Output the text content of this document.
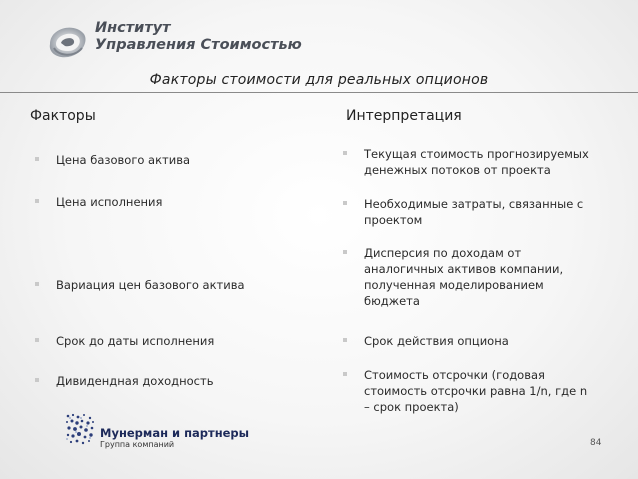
Институт
Управления Стоимостью
Факторы стоимости для реальных опционов
Факторы	Интерпретация
Цена базового актива
Цена исполнения
Вариация цен базового актива
Срок до даты исполнения
Дивидендная доходность
Текущая стоимость прогнозируемых
денежных потоков от проекта
Необходимые затраты, связанные с
проектом
Дисперсия по доходам от
аналогичных активов компании,
полученная моделированием
бюджета
Срок действия опциона
Стоимость отсрочки (годовая
стоимость отсрочки равна 1/n, где n
– срок проекта)
Мунерман и партнеры
Группа компаний	84
